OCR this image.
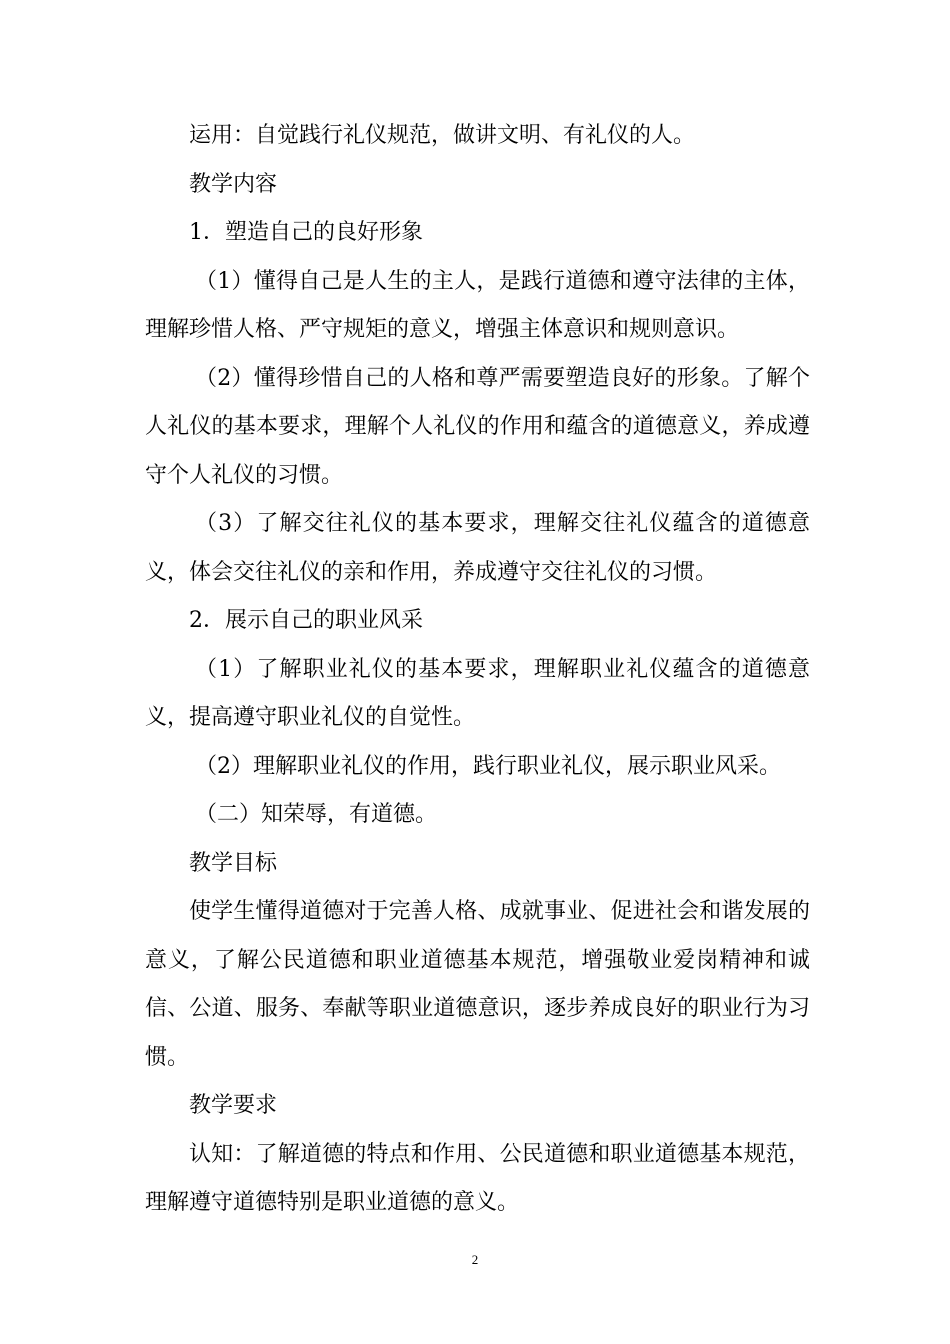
运用：自觉践行礼仪规范，做讲文明、有礼仪的人。

教学内容

1．塑造自己的良好形象

（1）懂得自己是人生的主人，是践行道德和遵守法律的主体，理解珍惜人格、严守规矩的意义，增强主体意识和规则意识。

（2）懂得珍惜自己的人格和尊严需要塑造良好的形象。了解个人礼仪的基本要求，理解个人礼仪的作用和蕴含的道德意义，养成遵守个人礼仪的习惯。

（3）了解交往礼仪的基本要求，理解交往礼仪蕴含的道德意义，体会交往礼仪的亲和作用，养成遵守交往礼仪的习惯。

2．展示自己的职业风采

（1）了解职业礼仪的基本要求，理解职业礼仪蕴含的道德意义，提高遵守职业礼仪的自觉性。

（2）理解职业礼仪的作用，践行职业礼仪，展示职业风采。

（二）知荣辱，有道德。

教学目标

使学生懂得道德对于完善人格、成就事业、促进社会和谐发展的意义，了解公民道德和职业道德基本规范，增强敬业爱岗精神和诚信、公道、服务、奉献等职业道德意识，逐步养成良好的职业行为习惯。

教学要求

认知：了解道德的特点和作用、公民道德和职业道德基本规范，理解遵守道德特别是职业道德的意义。

2
